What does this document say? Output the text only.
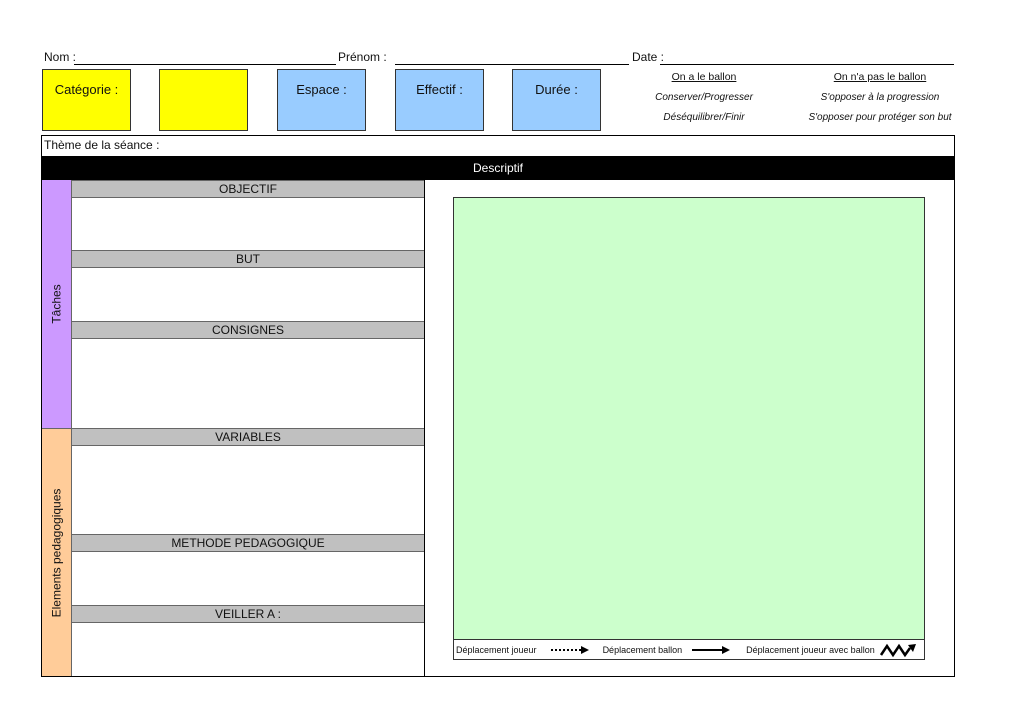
Nom :	Prénom :	Date :
Catégorie :	Espace :	Effectif :	Durée :
On a le ballon
Conserver/Progresser
Déséquilibrer/Finir
On n'a pas le ballon
S'opposer à la progression
S'opposer pour protéger son but
Thème de la séance :
Descriptif
Tâches
Elements pedagogiques
OBJECTIF
BUT
CONSIGNES
VARIABLES
METHODE PEDAGOGIQUE
VEILLER A :
Déplacement joueur	Déplacement ballon	Déplacement joueur avec ballon
